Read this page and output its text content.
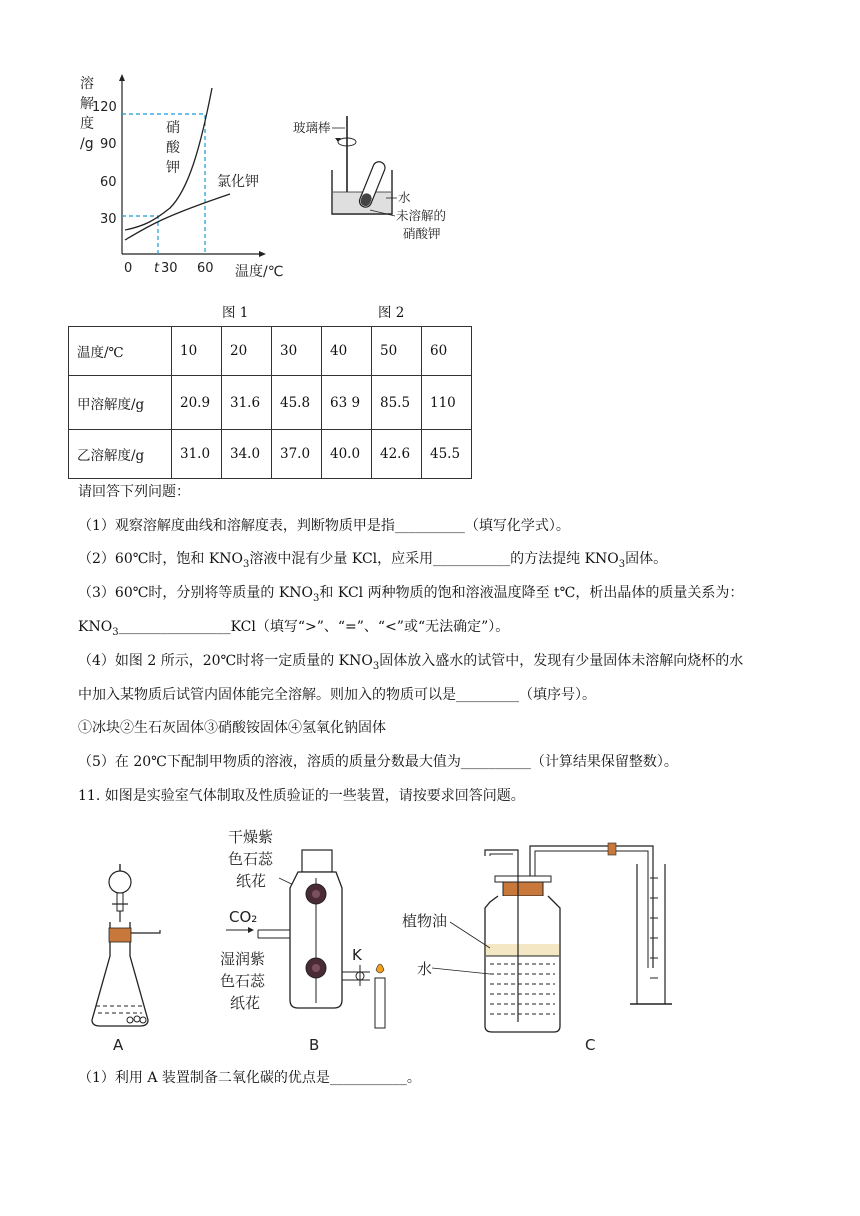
溶
解
度
/g
120
90
60
30
0 t 30 60 温度/℃
硝
酸
钾
氯化钾
玻璃棒
水
未溶解的
硝酸钾
图 1	图 2
温度/℃	10	20	30	40	50	60
甲溶解度/g	20.9	31.6	45.8	63 9	85.5	110
乙溶解度/g	31.0	34.0	37.0	40.0	42.6	45.5
请回答下列问题：
（1）观察溶解度曲线和溶解度表，判断物质甲是指__________（填写化学式）。
（2）60℃时，饱和 $KNO_3$溶液中混有少量 KCl，应采用___________的方法提纯 $KNO_3$固体。
（3）60℃时，分别将等质量的 $KNO_3$和 KCl 两种物质的饱和溶液温度降至 t℃，析出晶体的质量关系为：
$KNO_3\_\_\_\_\_\_\_\_\_\_\_\_\_\_\_\_KCl$（填写“>”、“=”、“<”或“无法确定”）。
（4）如图 2 所示，20℃时将一定质量的 $KNO_3$固体放入盛水的试管中，发现有少量固体未溶解向烧杯的水
中加入某物质后试管内固体能完全溶解。则加入的物质可以是_________（填序号）。
①冰块②生石灰固体③硝酸铵固体④氢氧化钠固体
（5）在 20℃下配制甲物质的溶液，溶质的质量分数最大值为__________（计算结果保留整数）。
11. 如图是实验室气体制取及性质验证的一些装置，请按要求回答问题。
A
干燥紫
色石蕊
纸花
CO₂
湿润紫
色石蕊
纸花
K
B
植物油
水
C
（1）利用 A 装置制备二氧化碳的优点是___________。
